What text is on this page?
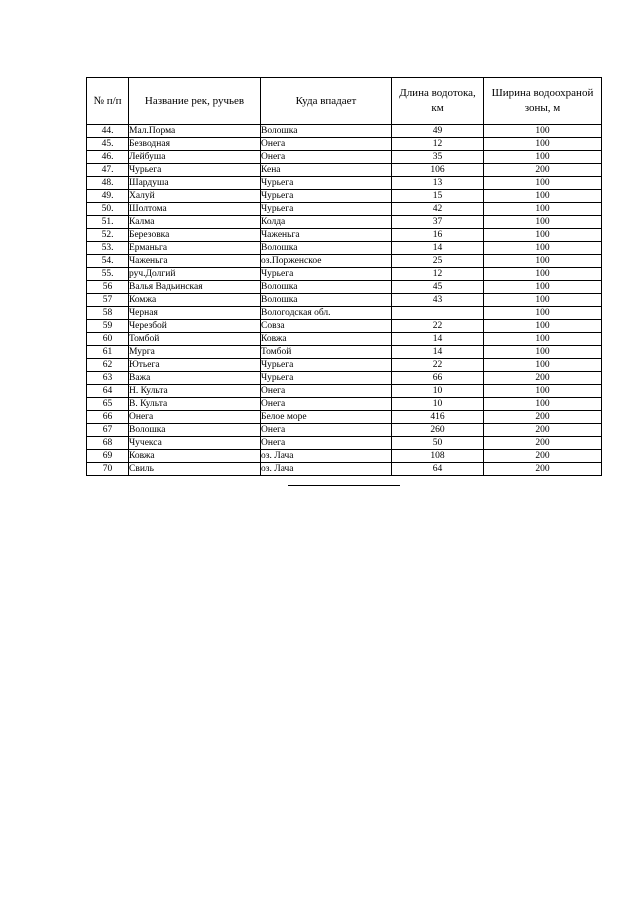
№ п/п	Название рек, ручьев	Куда впадает	Длина водотока, км	Ширина водоохраной зоны, м
44.	Мал.Порма	Волошка	49	100
45.	Безводная	Онега	12	100
46.	Лейбуша	Онега	35	100
47.	Чурьега	Кена	106	200
48.	Шардуша	Чурьега	13	100
49.	Халуй	Чурьега	15	100
50.	Шолтома	Чурьега	42	100
51.	Калма	Колда	37	100
52.	Березовка	Чаженьга	16	100
53.	Ерманьга	Волошка	14	100
54.	Чаженьга	оз.Порженское	25	100
55.	руч.Долгий	Чурьега	12	100
56	Валья Вадьинская	Волошка	45	100
57	Комжа	Волошка	43	100
58	Черная	Вологодская обл.		100
59	Черезбой	Совза	22	100
60	Томбой	Ковжа	14	100
61	Мурга	Томбой	14	100
62	Ютьега	Чурьега	22	100
63	Важа	Чурьега	66	200
64	Н. Культа	Онега	10	100
65	В. Культа	Онега	10	100
66	Онега	Белое море	416	200
67	Волошка	Онега	260	200
68	Чучекса	Онега	50	200
69	Ковжа	оз. Лача	108	200
70	Свиль	оз. Лача	64	200
